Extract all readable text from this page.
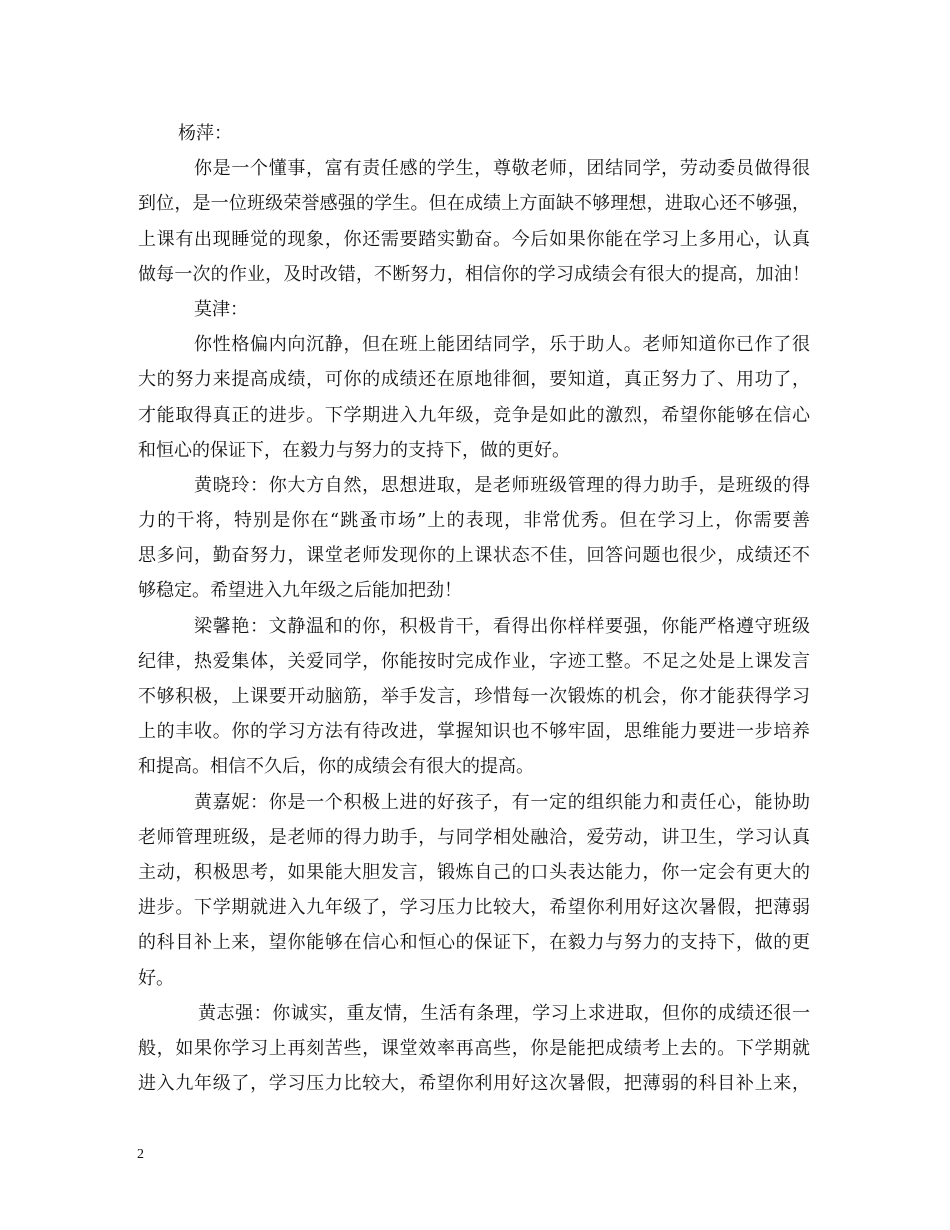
杨萍：
你是一个懂事，富有责任感的学生，尊敬老师，团结同学，劳动委员做得很
到位，是一位班级荣誉感强的学生。但在成绩上方面缺不够理想，进取心还不够强，
上课有出现睡觉的现象，你还需要踏实勤奋。今后如果你能在学习上多用心，认真
做每一次的作业，及时改错，不断努力，相信你的学习成绩会有很大的提高，加油！
莫津：
你性格偏内向沉静，但在班上能团结同学，乐于助人。老师知道你已作了很
大的努力来提高成绩，可你的成绩还在原地徘徊，要知道，真正努力了、用功了，
才能取得真正的进步。下学期进入九年级，竞争是如此的激烈，希望你能够在信心
和恒心的保证下，在毅力与努力的支持下，做的更好。
黄晓玲：你大方自然，思想进取，是老师班级管理的得力助手，是班级的得
力的干将，特别是你在“跳蚤市场”上的表现，非常优秀。但在学习上，你需要善
思多问，勤奋努力，课堂老师发现你的上课状态不佳，回答问题也很少，成绩还不
够稳定。希望进入九年级之后能加把劲！
梁馨艳：文静温和的你，积极肯干，看得出你样样要强，你能严格遵守班级
纪律，热爱集体，关爱同学，你能按时完成作业，字迹工整。不足之处是上课发言
不够积极，上课要开动脑筋，举手发言，珍惜每一次锻炼的机会，你才能获得学习
上的丰收。你的学习方法有待改进，掌握知识也不够牢固，思维能力要进一步培养
和提高。相信不久后，你的成绩会有很大的提高。
黄嘉妮：你是一个积极上进的好孩子，有一定的组织能力和责任心，能协助
老师管理班级，是老师的得力助手，与同学相处融洽，爱劳动，讲卫生，学习认真
主动，积极思考，如果能大胆发言，锻炼自己的口头表达能力，你一定会有更大的
进步。下学期就进入九年级了，学习压力比较大，希望你利用好这次暑假，把薄弱
的科目补上来，望你能够在信心和恒心的保证下，在毅力与努力的支持下，做的更
好。
黄志强：你诚实，重友情，生活有条理，学习上求进取，但你的成绩还很一
般，如果你学习上再刻苦些，课堂效率再高些，你是能把成绩考上去的。下学期就
进入九年级了，学习压力比较大，希望你利用好这次暑假，把薄弱的科目补上来，
2
